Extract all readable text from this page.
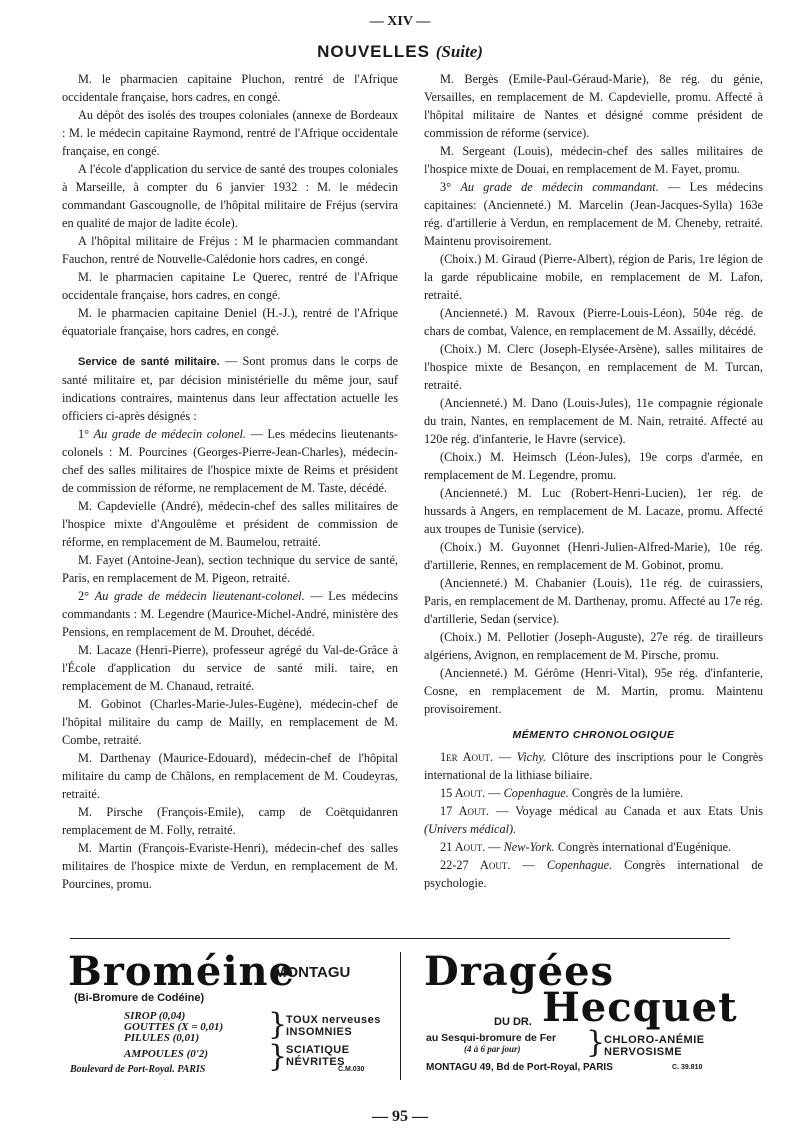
— XIV —
NOUVELLES (Suite)

M. le pharmacien capitaine Pluchon, rentré de l'Afrique occidentale française, hors cadres, en congé.

Au dépôt des isolés des troupes coloniales (annexe de Bordeaux : M. le médecin capitaine Raymond, rentré de l'Afrique occidentale française, en congé.

A l'école d'application du service de santé des troupes coloniales à Marseille, à compter du 6 janvier 1932 : M. le médecin commandant Gascougnolle, de l'hôpital militaire de Fréjus (servira en qualité de major de ladite école).

A l'hôpital militaire de Fréjus : M le pharmacien commandant Fauchon, rentré de Nouvelle-Calédonie hors cadres, en congé.

M. le pharmacien capitaine Le Querec, rentré de l'Afrique occidentale française, hors cadres, en congé.

M. le pharmacien capitaine Deniel (H.-J.), rentré de l'Afrique équatoriale française, hors cadres, en congé.

Service de santé militaire. — Sont promus dans le corps de santé militaire et, par décision ministérielle du même jour, sauf indications contraires, maintenus dans leur affectation actuelle les officiers ci-après désignés :

1° Au grade de médecin colonel. — Les médecins lieutenants-colonels : M. Pourcines (Georges-Pierre-Jean-Charles), médecin-chef des salles militaires de l'hospice mixte de Reims et président de commission de réforme, ne remplacement de M. Taste, décédé.

M. Capdevielle (André), médecin-chef des salles militaires de l'hospice mixte d'Angoulême et président de commission de réforme, en remplacement de M. Baumelou, retraité.

M. Fayet (Antoine-Jean), section technique du service de santé, Paris, en remplacement de M. Pigeon, retraité.

2° Au grade de médecin lieutenant-colonel. — Les médecins commandants : M. Legendre (Maurice-Michel-André, ministère des Pensions, en remplacement de M. Drouhet, décédé.

M. Lacaze (Henri-Pierre), professeur agrégé du Val-de-Grâce à l'École d'application du service de santé mili. taire, en remplacement de M. Chanaud, retraité.

M. Gobinot (Charles-Marie-Jules-Eugène), médecin-chef de l'hôpital militaire du camp de Mailly, en remplacement de M. Combe, retraité.

M. Darthenay (Maurice-Edouard), médecin-chef de l'hôpital militaire du camp de Châlons, en remplacement de M. Coudeyras, retraité.

M. Pirsche (François-Emile), camp de Coëtquidanren remplacement de M. Folly, retraité.

M. Martin (François-Evariste-Henri), médecin-chef des salles militaires de l'hospice mixte de Verdun, en remplacement de M. Pourcines, promu.

M. Bergès (Emile-Paul-Géraud-Marie), 8e rég. du génie, Versailles, en remplacement de M. Capdevielle, promu. Affecté à l'hôpital militaire de Nantes et désigné comme président de commission de réforme (service).

M. Sergeant (Louis), médecin-chef des salles militaires de l'hospice mixte de Douai, en remplacement de M. Fayet, promu.

3° Au grade de médecin commandant. — Les médecins capitaines: (Ancienneté.) M. Marcelin (Jean-Jacques-Sylla) 163e rég. d'artillerie à Verdun, en remplacement de M. Cheneby, retraité. Maintenu provisoirement.

(Choix.) M. Giraud (Pierre-Albert), région de Paris, 1re légion de la garde républicaine mobile, en remplacement de M. Lafon, retraité.

(Ancienneté.) M. Ravoux (Pierre-Louis-Léon), 504e rég. de chars de combat, Valence, en remplacement de M. Assailly, décédé.

(Choix.) M. Clerc (Joseph-Elysée-Arsène), salles militaires de l'hospice mixte de Besançon, en remplacement de M. Turcan, retraité.

(Ancienneté.) M. Dano (Louis-Jules), 11e compagnie régionale du train, Nantes, en remplacement de M. Nain, retraité. Affecté au 120e rég. d'infanterie, le Havre (service).

(Choix.) M. Heimsch (Léon-Jules), 19e corps d'armée, en remplacement de M. Legendre, promu.

(Ancienneté.) M. Luc (Robert-Henri-Lucien), 1er rég. de hussards à Angers, en remplacement de M. Lacaze, promu. Affecté aux troupes de Tunisie (service).

(Choix.) M. Guyonnet (Henri-Julien-Alfred-Marie), 10e rég. d'artillerie, Rennes, en remplacement de M. Gobinot, promu.

(Ancienneté.) M. Chabanier (Louis), 11e rég. de cuirassiers, Paris, en remplacement de M. Darthenay, promu. Affecté au 17e rég. d'artillerie, Sedan (service).

(Choix.) M. Pellotier (Joseph-Auguste), 27e rég. de tirailleurs algériens, Avignon, en remplacement de M. Pirsche, promu.

(Ancienneté.) M. Gérôme (Henri-Vital), 95e rég. d'infanterie, Cosne, en remplacement de M. Martin, promu. Maintenu provisoirement.

MÉMENTO CHRONOLOGIQUE

1er Aout. — Vichy. Clôture des inscriptions pour le Congrès international de la lithiase biliaire.

15 Aout. — Copenhague. Congrès de la lumière.

17 Aout. — Voyage médical au Canada et aux Etats Unis (Univers médical).

21 Aout. — New-York. Congrès international d'Eugénique.

22-27 Aout. — Copenhague. Congrès international de psychologie.

Broméine
MONTAGU
(Bi-Bromure de Codéine)
SIROP (0,04)
GOUTTES (X = 0,01)
PILULES (0,01) }
TOUX nerveuses
INSOMNIES
AMPOULES (0'2) }
SCIATIQUE
NÉVRITES
Boulevard de Port-Royal. PARIS	C.M.030
Dragées
DU DR. Hecquet
au Sesqui-bromure de Fer
(4 à 6 par jour) }
CHLORO-ANÉMIE
NERVOSISME
MONTAGU 49, Bd de Port-Royal, PARIS	C. 39.810
— 95 —
